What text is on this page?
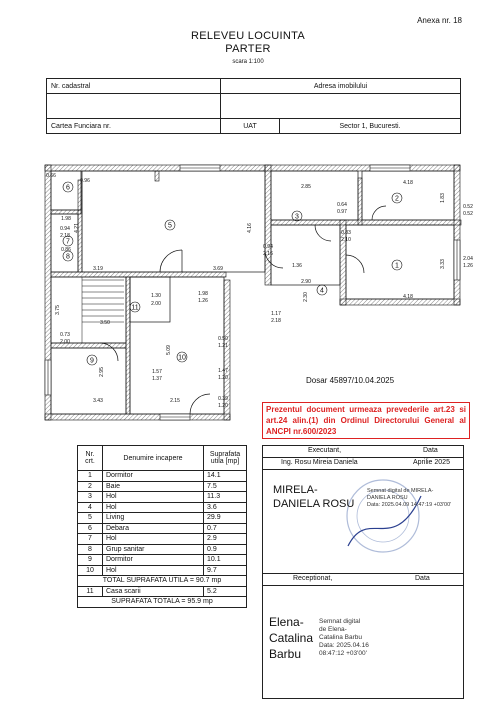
Anexa nr. 18
RELEVEU LOCUINTA
PARTER
scara 1:100
Nr. cadastral	Adresa imobilului	

Cartea Funciara nr.	UAT	Sector 1, Bucuresti.
0.96
0.66
4.21	4.16
0.94
2.16
3.19	3.69
2.85
4.18
1.83
0.52
0.52
0.64
0.97
0.83
2.10
3.33
2.04
1.26
1.36
2.90
4.18
2.30
1.17
2.18
0.94
2.18
1.98
0.86
1.30
2.00
1.98
1.26
3.50
0.73
2.00	0.50
1.21
5.09
1.57
1.37
1.47
1.20
2.95
3.43	2.15	0.39
1.20
3.75
1
2
3
4
5
6
7
8
9	10
11
Dosar 45897/10.04.2025
Prezentul document urmeaza prevederile art.23 si art.24 alin.(1) din Ordinul Directorului General al ANCPI nr.600/2023
Nr. crt.	Denumire incapere	Suprafata utila [mp]
1	Dormitor	14.1
2	Baie	7.5
3	Hol	11.3
4	Hol	3.6
5	Living	29.9
6	Debara	0.7
7	Hol	2.9
8	Grup sanitar	0.9
9	Dormitor	10.1
10	Hol	9.7
TOTAL SUPRAFATA UTILA = 90.7 mp		
11	Casa scarii	5.2
SUPRAFATA TOTALA = 95.9 mp		
Executant,	Data
Ing. Rosu Mireia Daniela	Aprilie 2025
MIRELA-
DANIELA ROSU
Semnat digital de MIRELA-
DANIELA ROSU
Data: 2025.04.09 14:47:19 +03'00'
Receptionat,	Data
Elena-
Catalina
Barbu
Semnat digital
de Elena-
Catalina Barbu
Data: 2025.04.16
08:47:12 +03'00'
